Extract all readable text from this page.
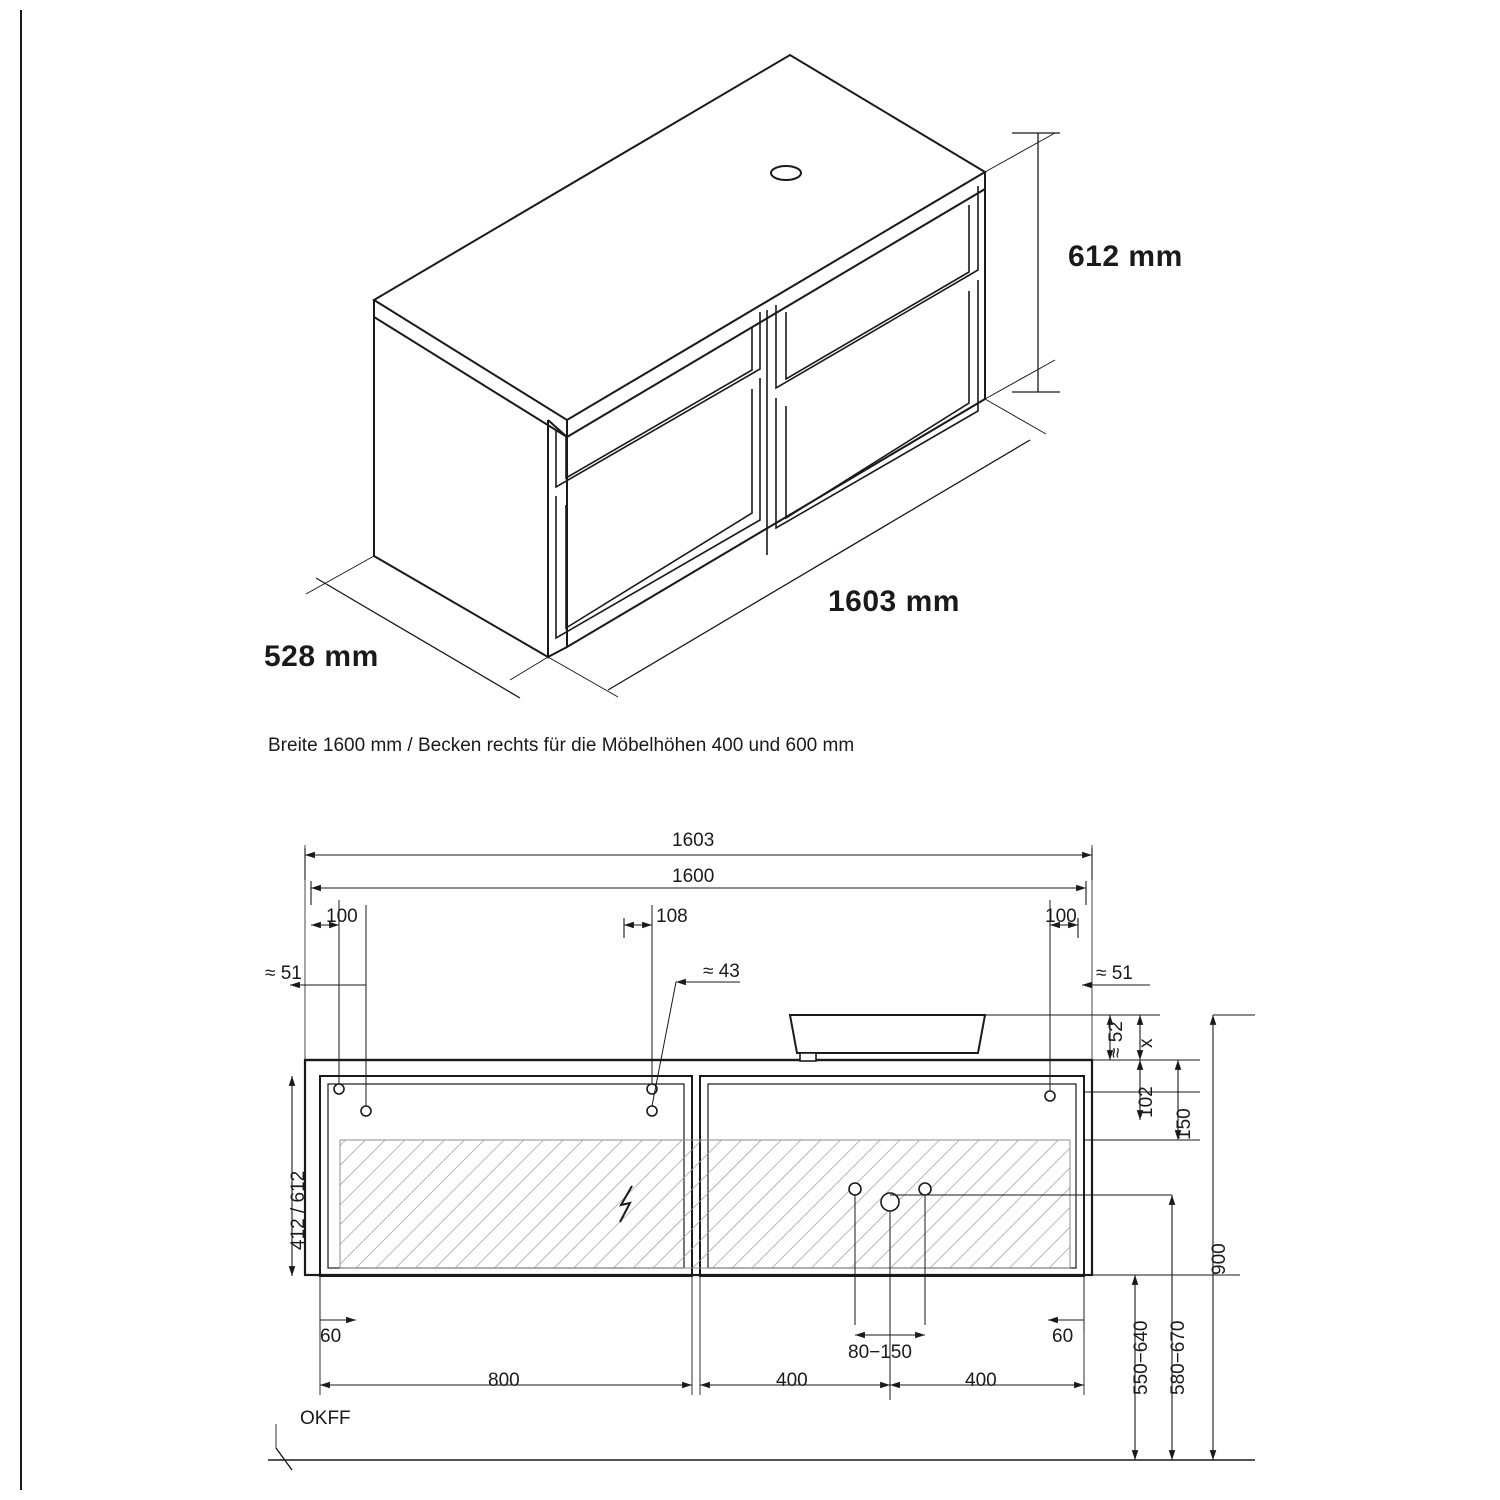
612 mm
1603 mm
528 mm
Breite 1600 mm / Becken rechts für die Möbelhöhen 400 und 600 mm
1603
1600
100	108	100
≈ 51	≈ 43	≈ 51
≈ 52 x
102
150
900
550−640 580−670
412 / 612
60	60
80−150
800	400	400
OKFF
